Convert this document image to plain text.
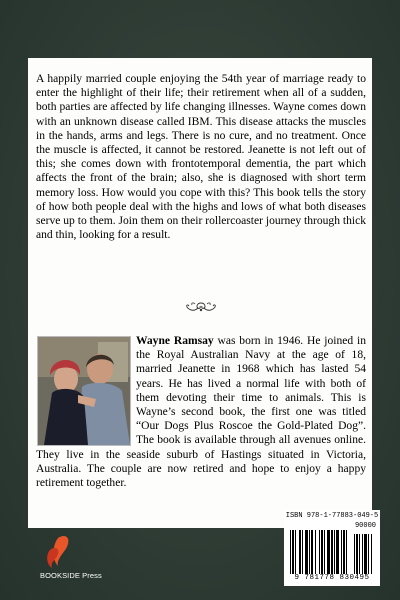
A happily married couple enjoying the 54th year of marriage ready to enter the highlight of their life; their retirement when all of a sudden, both parties are affected by life changing illnesses. Wayne comes down with an unknown disease called IBM. This disease attacks the muscles in the hands, arms and legs. There is no cure, and no treatment. Once the muscle is affected, it cannot be restored. Jeanette is not left out of this; she comes down with frontotemporal dementia, the part which affects the front of the brain; also, she is diagnosed with short term memory loss. How would you cope with this? This book tells the story of how both people deal with the highs and lows of what both diseases serve up to them. Join them on their rollercoaster journey through thick and thin, looking for a result.

Wayne Ramsay was born in 1946. He joined in the Royal Australian Navy at the age of 18, married Jeanette in 1968 which has lasted 54 years. He has lived a normal life with both of them devoting their time to animals. This is Wayne’s second book, the first one was titled “Our Dogs Plus Roscoe the Gold-Plated Dog”. The book is available through all avenues online. They live in the seaside suburb of Hastings situated in Victoria, Australia. The couple are now retired and hope to enjoy a happy retirement together.

BOOKSIDE Press
ISBN 978-1-77883-049-5
90000
9 781778 830495
